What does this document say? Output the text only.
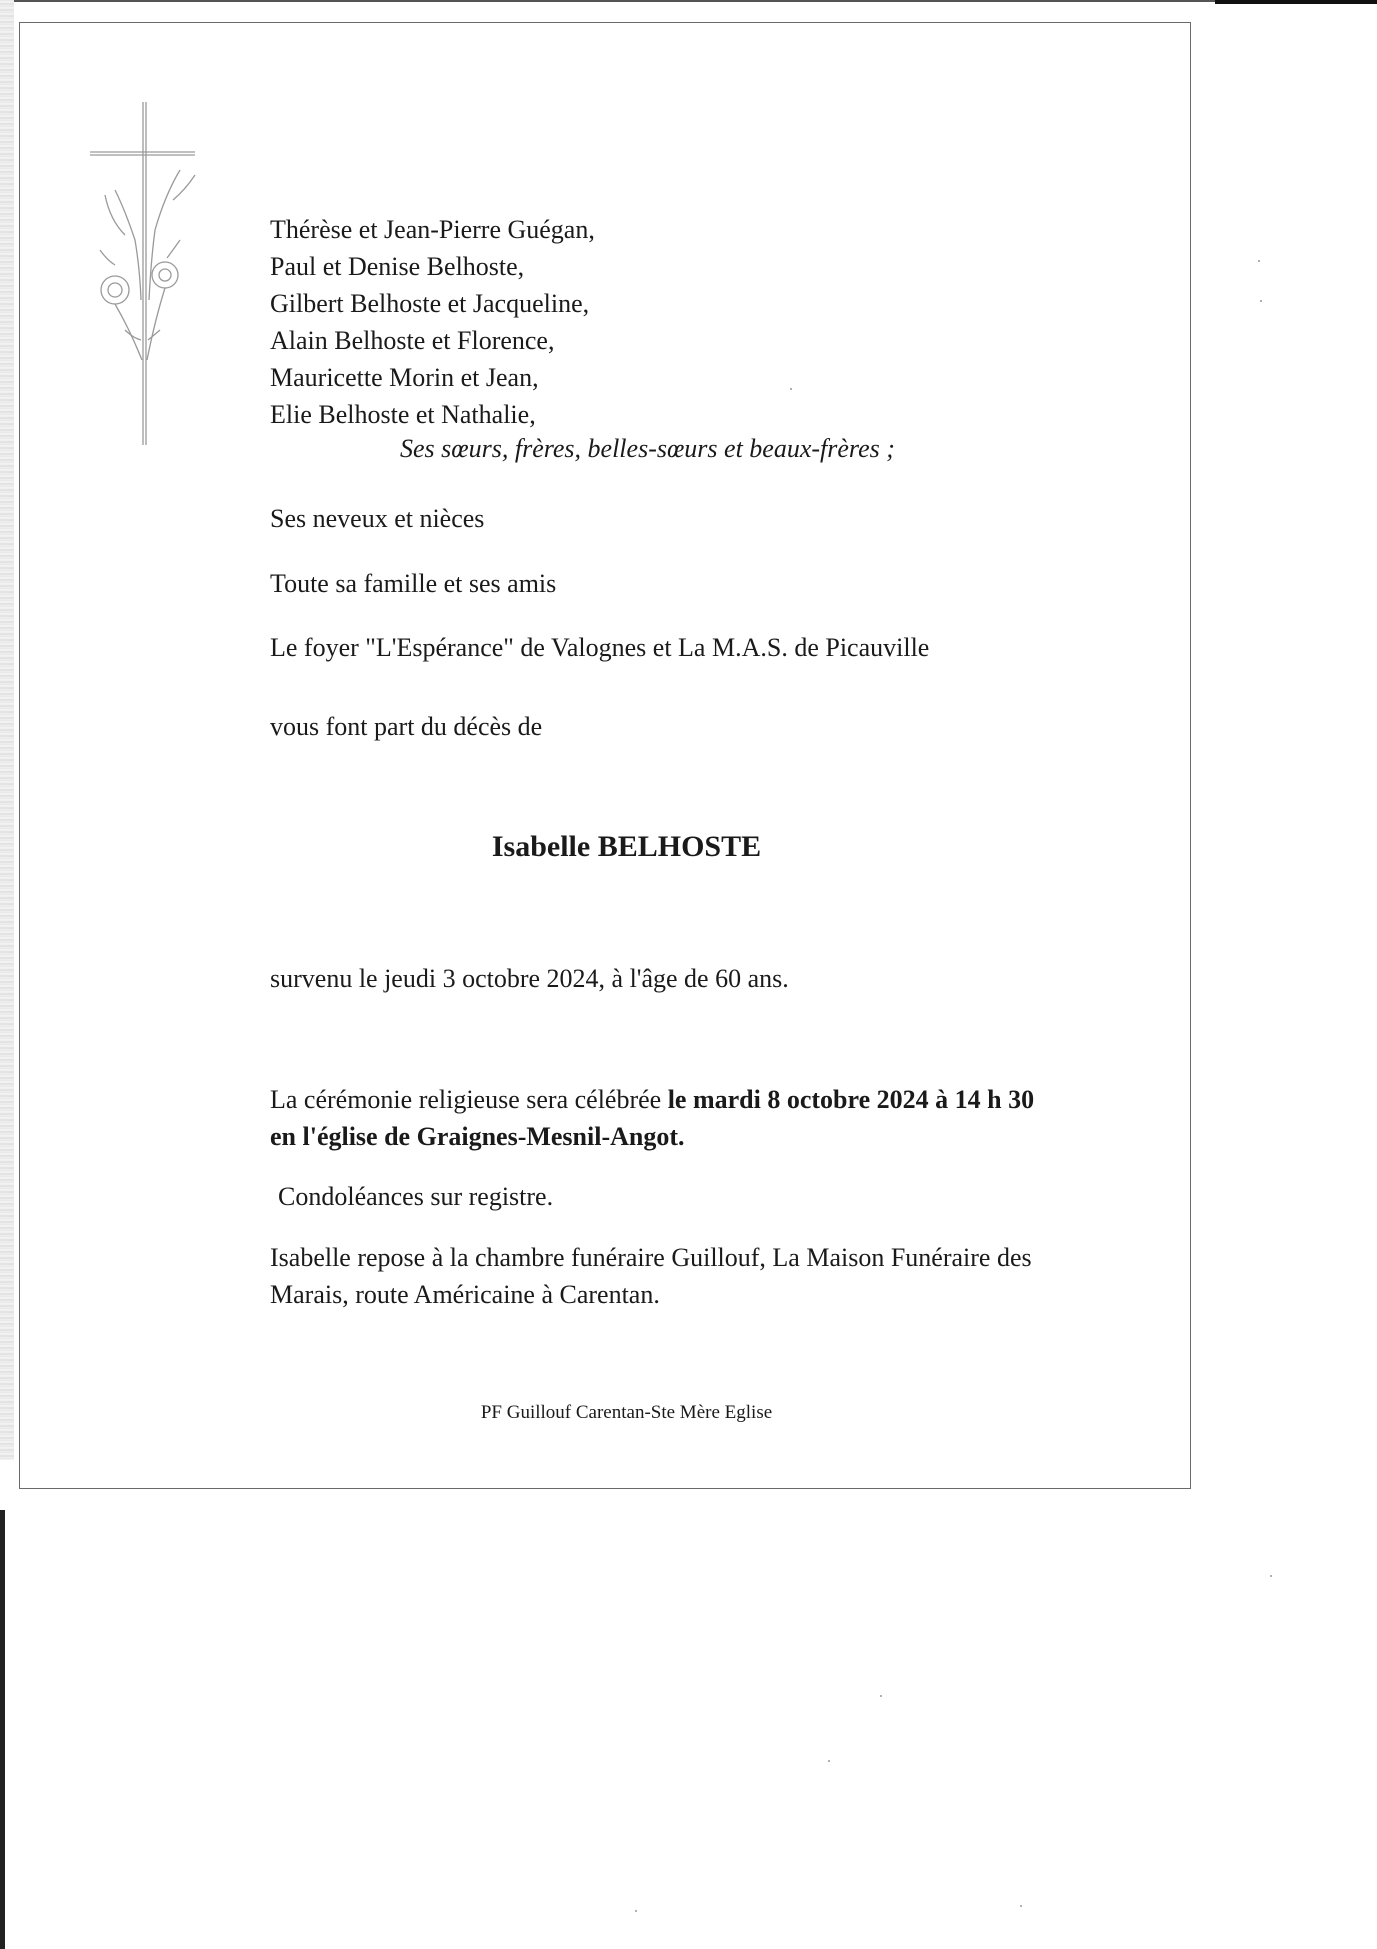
Thérèse et Jean-Pierre Guégan,
Paul et Denise Belhoste,
Gilbert Belhoste et Jacqueline,
Alain Belhoste et Florence,
Mauricette Morin et Jean,
Elie Belhoste et Nathalie,
Ses sœurs, frères, belles-sœurs et beaux-frères ;
Ses neveux et nièces
Toute sa famille et ses amis
Le foyer "L'Espérance" de Valognes et La M.A.S. de Picauville
vous font part du décès de
Isabelle BELHOSTE
survenu le jeudi 3 octobre 2024, à l'âge de 60 ans.
La cérémonie religieuse sera célébrée le mardi 8 octobre 2024 à 14 h 30
en l'église de Graignes-Mesnil-Angot.
Condoléances sur registre.
Isabelle repose à la chambre funéraire Guillouf, La Maison Funéraire des
Marais, route Américaine à Carentan.
PF Guillouf Carentan-Ste Mère Eglise
